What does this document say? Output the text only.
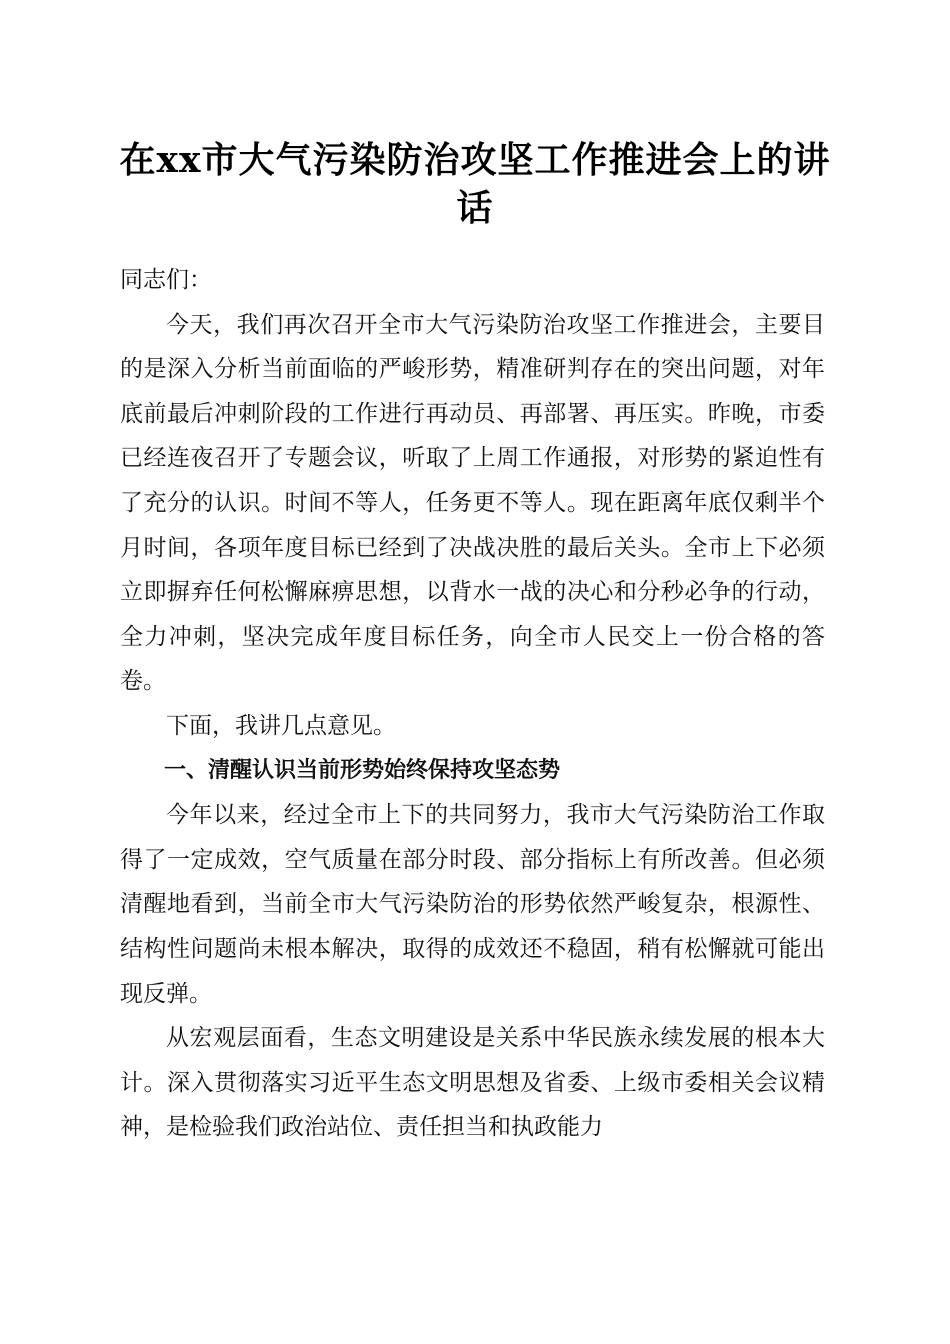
在xx市大气污染防治攻坚工作推进会上的讲话

同志们：

今天，我们再次召开全市大气污染防治攻坚工作推进会，主要目的是深入分析当前面临的严峻形势，精准研判存在的突出问题，对年底前最后冲刺阶段的工作进行再动员、再部署、再压实。昨晚，市委已经连夜召开了专题会议，听取了上周工作通报，对形势的紧迫性有了充分的认识。时间不等人，任务更不等人。现在距离年底仅剩半个月时间，各项年度目标已经到了决战决胜的最后关头。全市上下必须立即摒弃任何松懈麻痹思想，以背水一战的决心和分秒必争的行动，全力冲刺，坚决完成年度目标任务，向全市人民交上一份合格的答卷。

下面，我讲几点意见。

一、清醒认识当前形势始终保持攻坚态势

今年以来，经过全市上下的共同努力，我市大气污染防治工作取得了一定成效，空气质量在部分时段、部分指标上有所改善。但必须清醒地看到，当前全市大气污染防治的形势依然严峻复杂，根源性、结构性问题尚未根本解决，取得的成效还不稳固，稍有松懈就可能出现反弹。

从宏观层面看，生态文明建设是关系中华民族永续发展的根本大计。深入贯彻落实习近平生态文明思想及省委、上级市委相关会议精神，是检验我们政治站位、责任担当和执政能力
